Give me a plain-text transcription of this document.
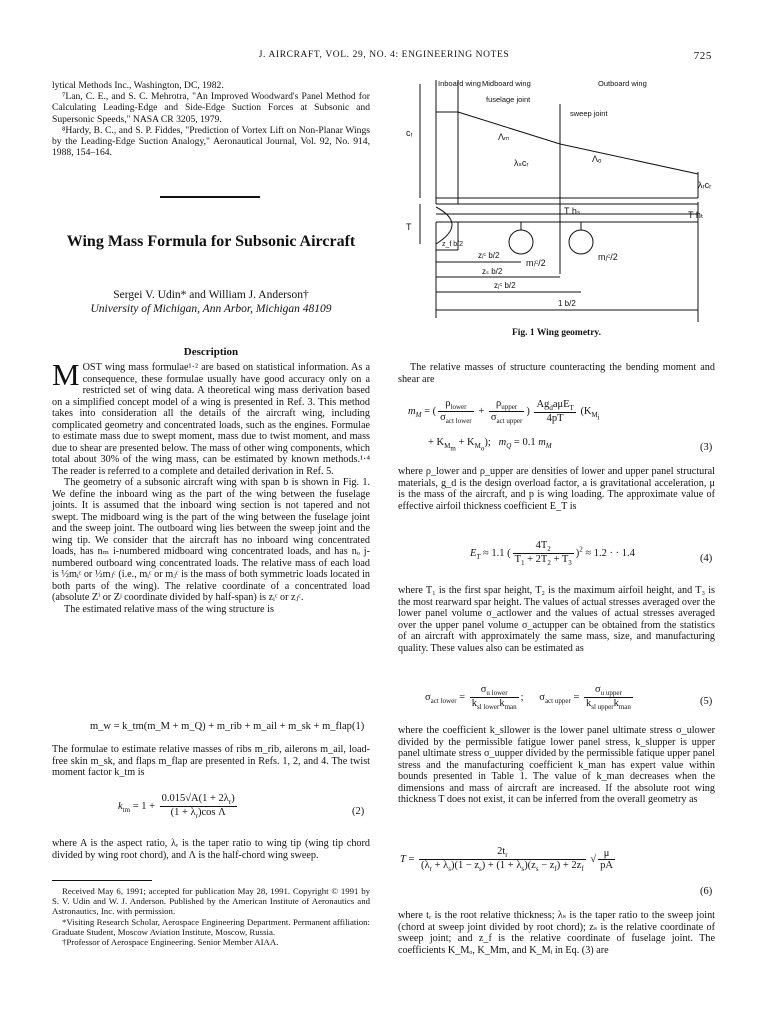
J. AIRCRAFT, VOL. 29, NO. 4: ENGINEERING NOTES	725
lytical Methods Inc., Washington, DC, 1982.
⁷Lan, C. E., and S. C. Mehrotra, "An Improved Woodward's Panel Method for Calculating Leading-Edge and Side-Edge Suction Forces at Subsonic and Supersonic Speeds," NASA CR 3205, 1979.
⁸Hardy, B. C., and S. P. Fiddes, "Prediction of Vortex Lift on Non-Planar Wings by the Leading-Edge Suction Analogy," Aeronautical Journal, Vol. 92, No. 914, 1988, 154–164.
Wing Mass Formula for Subsonic Aircraft
Sergei V. Udin* and William J. Anderson†
University of Michigan, Ann Arbor, Michigan 48109
Description

MOST wing mass formulae¹·² are based on statistical information. As a consequence, these formulae usually have good accuracy only on a restricted set of wing data. A theoretical wing mass derivation based on a simplified concept model of a wing is presented in Ref. 3. This method takes into consideration all the details of the aircraft wing, including complicated geometry and concentrated loads, such as the engines. Formulae to estimate mass due to swept moment, mass due to twist moment, and mass due to shear are presented below. The mass of other wing components, which total about 30% of the wing mass, can be estimated by known methods.¹·⁴ The reader is referred to a complete and detailed derivation in Ref. 5.

The geometry of a subsonic aircraft wing with span b is shown in Fig. 1. We define the inboard wing as the part of the wing between the fuselage joints. It is assumed that the inboard wing section is not tapered and not swept. The midboard wing is the part of the wing between the fuselage joint and the sweep joint. The outboard wing lies between the sweep joint and the wing tip. We consider that the aircraft has no inboard wing concentrated loads, has nₘ i-numbered midboard wing concentrated loads, and has nₒ j-numbered outboard wing concentrated loads. The relative mass of each load is ½mᵢᶜ or ½mⱼᶜ (i.e., mᵢᶜ or mⱼᶜ is the mass of both symmetric loads located in both parts of the wing). The relative coordinate of a concentrated load (absolute Zⁱ or Zʲ coordinate divided by half-span) is zᵢᶜ or zⱼᶜ.

The estimated relative mass of the wing structure is

m_w = k_tm(m_M + m_Q) + m_rib + m_ail + m_sk + m_flap (1)

The formulae to estimate relative masses of ribs m_rib, ailerons m_ail, load-free skin m_sk, and flaps m_flap are presented in Refs. 1, 2, and 4. The twist moment factor k_tm is

$k_{tm} = 1 + \frac{0.015√A(1 + 2\lambda_r)}{(1 + \lambda_r)\cos \Lambda}$	(2)

where A is the aspect ratio, λᵣ is the taper ratio to wing tip (wing tip chord divided by wing root chord), and Λ is the half-chord wing sweep.

Received May 6, 1991; accepted for publication May 28, 1991. Copyright © 1991 by S. V. Udin and W. J. Anderson. Published by the American Institute of Aeronautics and Astronautics, Inc. with permission.
*Visiting Research Scholar, Aerospace Engineering Department. Permanent affiliation: Graduate Student, Moscow Aviation Institute, Moscow, Russia.
†Professor of Aerospace Engineering. Senior Member AIAA.
Inboard wing Midboard wing	Outboard wing
fuselage joint
sweep joint
cᵣ	Λₘ
Λₒ
λₛcᵣ
λᵣcᵣ
T
T hₛ	T hₜ
mᵢᶜ/2
mⱼᶜ/2
z_f b/2
zᵢᶜ b/2
zₛ b/2
zⱼᶜ b/2
1 b/2
Fig. 1 Wing geometry.

The relative masses of structure counteracting the bending moment and shear are

$m_M$ = ( $\frac{\rho_{lower}}{\sigma_{act lower}} + \frac{\rho_{upper}}{\sigma_{act upper}}$ ) $\frac{Ag_da\mu E_T}{4pT} (K_{M_i}$
+ $K_{M_m} + K_{M_o}$);   $m_Q = 0.1$ $m_M$	(3)

where ρ_lower and ρ_upper are densities of lower and upper panel structural materials, g_d is the design overload factor, a is gravitational acceleration, μ is the mass of the aircraft, and p is wing loading. The approximate value of effective airfoil thickness coefficient E_T is

$E_T \approx 1.1$ ( $\frac{4T_2}{T_1 + 2T_2 + T_3} )^2 \approx 1.2$ · · 1.4	(4)

where T₁ is the first spar height, T₂ is the maximum airfoil height, and T₃ is the most rearward spar height. The values of actual stresses averaged over the lower panel volume σ_actlower and the values of actual stresses averaged over the upper panel volume σ_actupper can be obtained from the statistics of an aircraft with approximately the same mass, size, and manufacturing quality. These values also can be estimated as

$\sigma_{act lower} = \frac{\sigma_{u lower}}{k_{sl lower}k_{man}}$ ;      $\sigma_{act upper} = \frac{\sigma_{u upper}}{k_{sl upper}k_{man}}$	(5)

where the coefficient k_sllower is the lower panel ultimate stress σ_ulower divided by the permissible fatigue lower panel stress, k_slupper is upper panel ultimate stress σ_uupper divided by the permissible fatique upper panel stress and the manufacturing coefficient k_man has expert value within bounds presented in Table 1. The value of k_man decreases when the dimensions and mass of aircraft are increased. If the absolute root wing thickness T does not exist, it can be inferred from the overall geometry as

$T = \frac{2t_r}{(\lambda_r + \lambda_s)(1 - z_s) + (1 + \lambda_s)(z_s - z_f) + 2z_f}$ √ $\frac{\mu}{pA}$
(6)

where tᵣ is the root relative thickness; λₛ is the taper ratio to the sweep joint (chord at sweep joint divided by root chord); zₛ is the relative coordinate of sweep joint; and z_f is the relative coordinate of fuselage joint. The coefficients K_Mₒ, K_Mm, and K_Mᵢ in Eq. (3) are
